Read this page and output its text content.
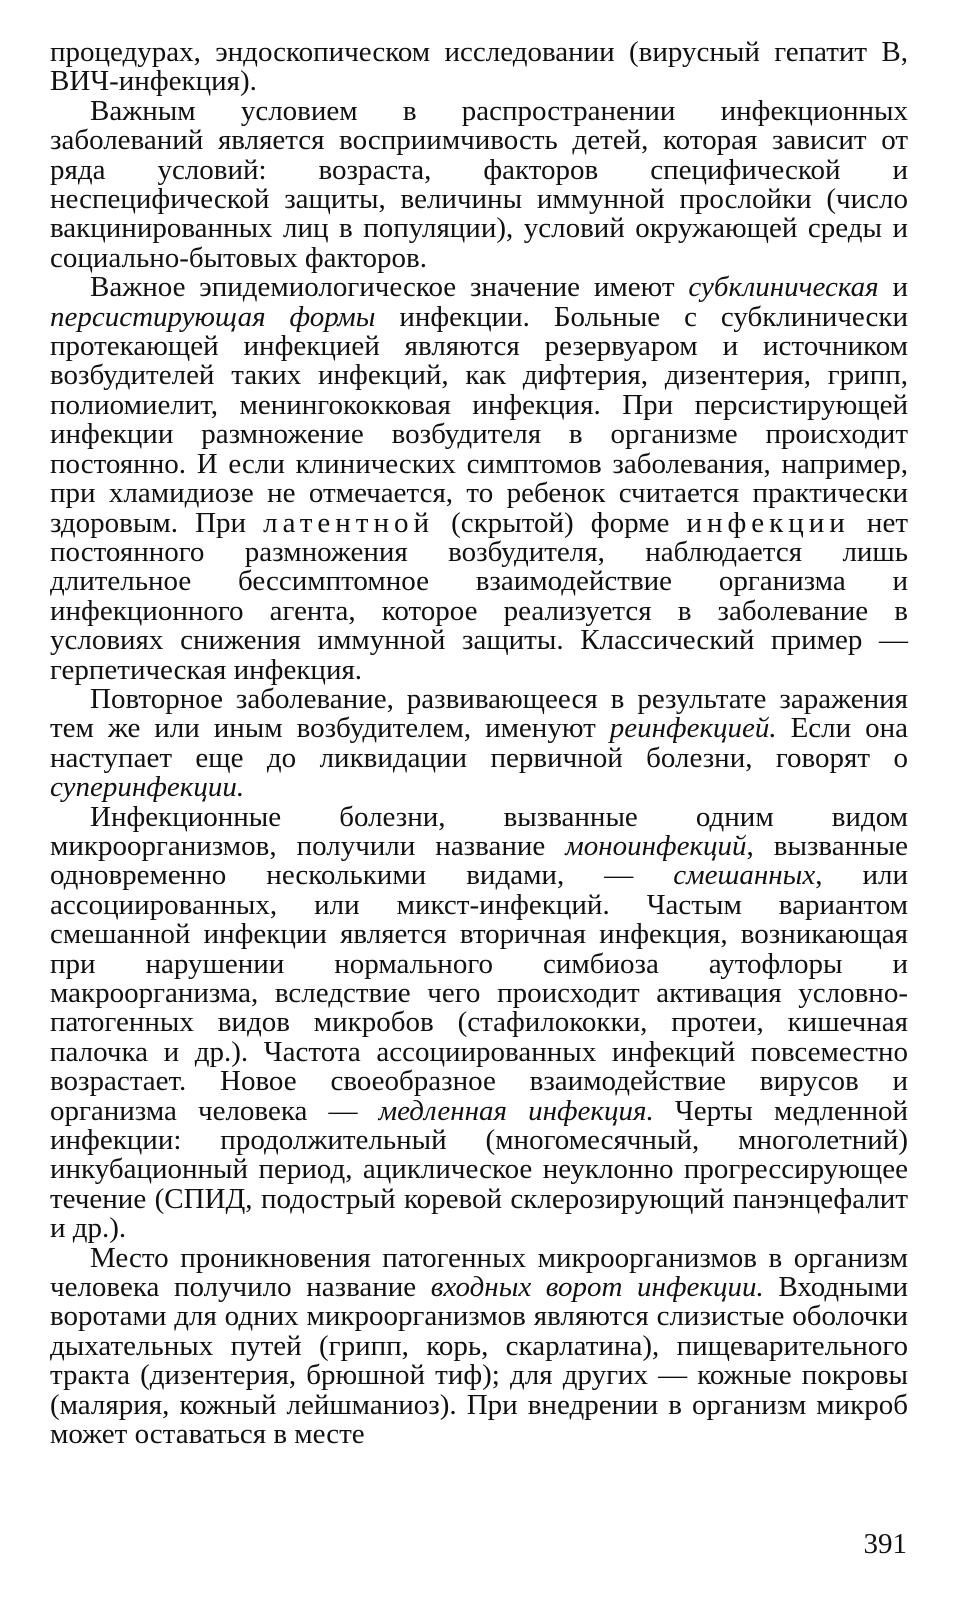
процедурах, эндоскопическом исследовании (вирусный гепатит В, ВИЧ-инфекция).

Важным условием в распространении инфекционных заболеваний является восприимчивость детей, которая зависит от ряда условий: возраста, факторов специфической и неспецифической защиты, величины иммунной прослойки (число вакцинированных лиц в популяции), условий окружающей среды и социально-бытовых факторов.

Важное эпидемиологическое значение имеют субклиническая и персистирующая формы инфекции. Больные с субклинически протекающей инфекцией являются резервуаром и источником возбудителей таких инфекций, как дифтерия, дизентерия, грипп, полиомиелит, менингококковая инфекция. При персистирующей инфекции размножение возбудителя в организме происходит постоянно. И если клинических симптомов заболевания, например, при хламидиозе не отмечается, то ребенок считается практически здоровым. При латентной (скрытой) форме инфекции нет постоянного размножения возбудителя, наблюдается лишь длительное бессимптомное взаимодействие организма и инфекционного агента, которое реализуется в заболевание в условиях снижения иммунной защиты. Классический пример — герпетическая инфекция.

Повторное заболевание, развивающееся в результате заражения тем же или иным возбудителем, именуют реинфекцией. Если она наступает еще до ликвидации первичной болезни, говорят о суперинфекции.

Инфекционные болезни, вызванные одним видом микроорганизмов, получили название моноинфекций, вызванные одновременно несколькими видами, — смешанных, или ассоциированных, или микст-инфекций. Частым вариантом смешанной инфекции является вторичная инфекция, возникающая при нарушении нормального симбиоза аутофлоры и макроорганизма, вследствие чего происходит активация условно-патогенных видов микробов (стафилококки, протеи, кишечная палочка и др.). Частота ассоциированных инфекций повсеместно возрастает. Новое своеобразное взаимодействие вирусов и организма человека — медленная инфекция. Черты медленной инфекции: продолжительный (многомесячный, многолетний) инкубационный период, ациклическое неуклонно прогрессирующее течение (СПИД, подострый коревой склерозирующий панэнцефалит и др.).

Место проникновения патогенных микроорганизмов в организм человека получило название входных ворот инфекции. Входными воротами для одних микроорганизмов являются слизистые оболочки дыхательных путей (грипп, корь, скарлатина), пищеварительного тракта (дизентерия, брюшной тиф); для других — кожные покровы (малярия, кожный лейшманиоз). При внедрении в организм микроб может оставаться в месте

391
